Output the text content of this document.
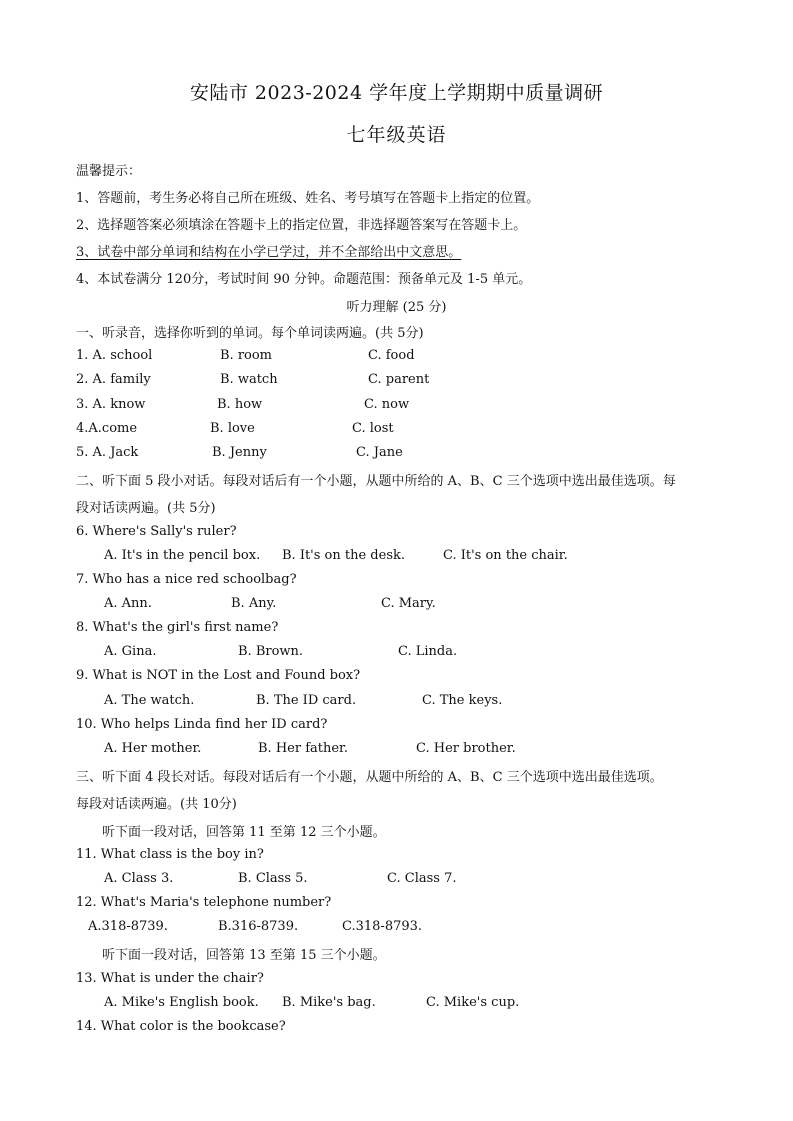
安陆市 2023-2024 学年度上学期期中质量调研
七年级英语
温馨提示：
1、答题前，考生务必将自己所在班级、姓名、考号填写在答题卡上指定的位置。
2、选择题答案必须填涂在答题卡上的指定位置，非选择题答案写在答题卡上。
3、试卷中部分单词和结构在小学已学过，并不全部给出中文意思。
4、本试卷满分 120分，考试时间 90 分钟。命题范围：预备单元及 1-5 单元。
听力理解 (25 分)
一、听录音，选择你听到的单词。每个单词读两遍。(共 5分)
1. A. school	B. room	C. food
2. A. family	B. watch	C. parent
3. A. know	B. how	C. now
4.A.come	B. love	C. lost
5. A. Jack	B. Jenny	C. Jane
二、听下面 5 段小对话。每段对话后有一个小题，从题中所给的 A、B、C 三个选项中选出最佳选项。每
段对话读两遍。(共 5分)
6. Where's Sally's ruler?
A. It's in the pencil box. B. It's on the desk.	C. It's on the chair.
7. Who has a nice red schoolbag?
A. Ann.	B. Any.	C. Mary.
8. What's the girl's first name?
A. Gina.	B. Brown.	C. Linda.
9. What is NOT in the Lost and Found box?
A. The watch.	B. The ID card.	C. The keys.
10. Who helps Linda find her ID card?
A. Her mother.	B. Her father.	C. Her brother.
三、听下面 4 段长对话。每段对话后有一个小题，从题中所给的 A、B、C 三个选项中选出最佳选项。
每段对话读两遍。(共 10分)
听下面一段对话，回答第 11 至第 12 三个小题。
11. What class is the boy in?
A. Class 3.	B. Class 5.	C. Class 7.
12. What's Maria's telephone number?
A.318-8739.	B.316-8739.	C.318-8793.
听下面一段对话，回答第 13 至第 15 三个小题。
13. What is under the chair?
A. Mike's English book. B. Mike's bag.	C. Mike's cup.
14. What color is the bookcase?
